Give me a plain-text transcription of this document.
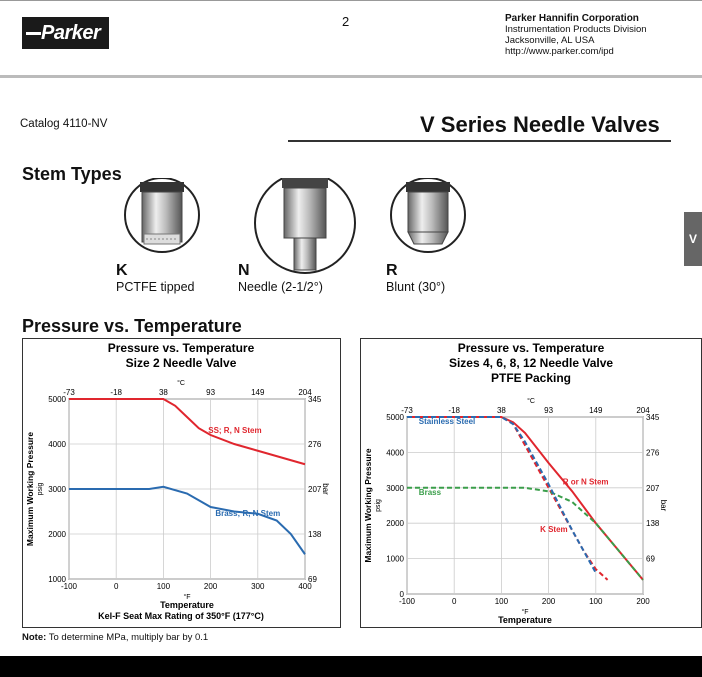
Parker
2	Parker Hannifin Corporation
Instrumentation Products Division
Jacksonville, AL USA
http://www.parker.com/ipd
Catalog 4110-NV	V Series Needle Valves
V
Stem Types
K
PCTFE tipped
N
Needle (2-1/2°)
R
Blunt (30°)
Pressure vs. Temperature
Pressure vs. Temperature
Size 2 Needle Valve
-100
-73
0
-18
100
38
200
93
300
149
400
204
1000
2000
3000
4000
5000
69
138
207
276
345
°C
bar
Maximum Working Pressure psig
°F
Temperature
Kel-F Seat Max Rating of 350°F (177°C)
SS; R, N Stem
Brass; R, N Stem
Pressure vs. Temperature
Sizes 4, 6, 8, 12 Needle Valve
PTFE Packing
-100
-73
0
-18
100
38
200
93
100
149
200
204
0
1000
2000
3000
4000
5000
69
138
207
276
345
°C
bar
Maximum Working Pressure psig
°F
Temperature
Stainless Steel
Brass
R or N Stem
K Stem
Note: To determine MPa, multiply bar by 0.1
